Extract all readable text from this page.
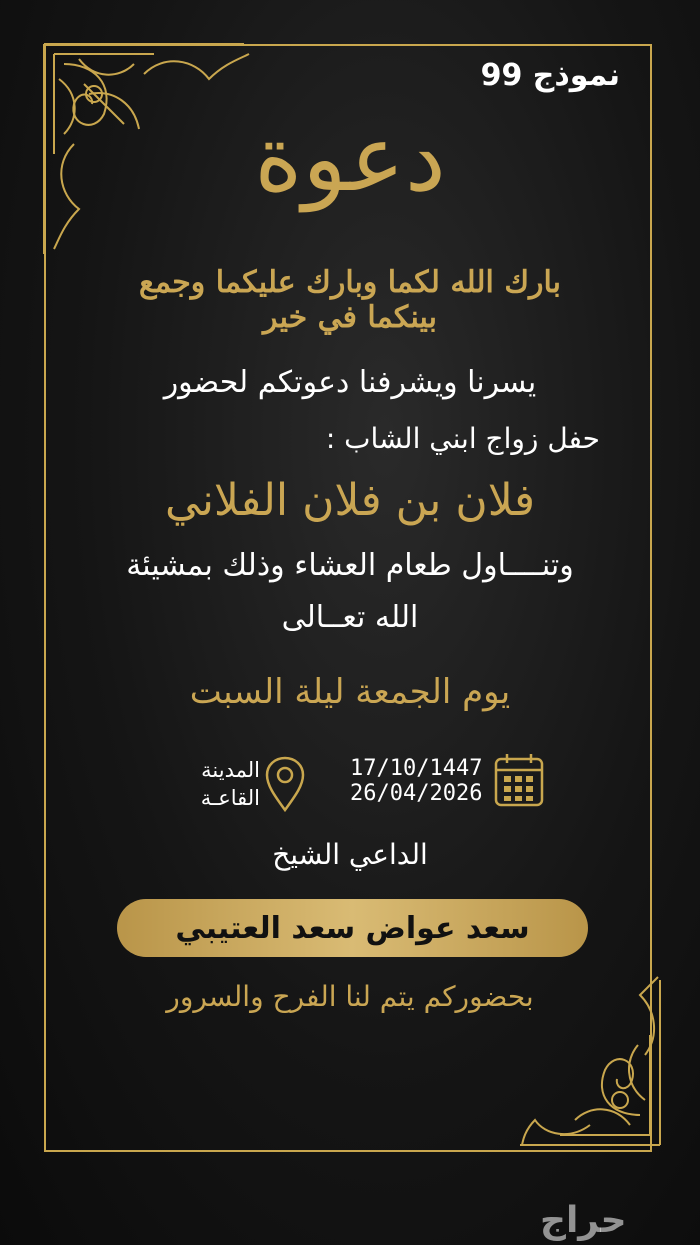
نموذج 99
دعوة
بارك الله لكما وبارك عليكما وجمع بينكما في خير
يسرنا ويشرفنا دعوتكم لحضور
حفل زواج ابني الشاب :
فلان بن فلان الفلاني
وتنــــاول طعام العشاء وذلك بمشيئة
الله تعــالى
يوم الجمعة ليلة السبت
17/10/1447
26/04/2026
المدينة
القاعـة
الداعي الشيخ
سعد عواض سعد العتيبي
بحضوركم يتم لنا الفرح والسرور
حراج
